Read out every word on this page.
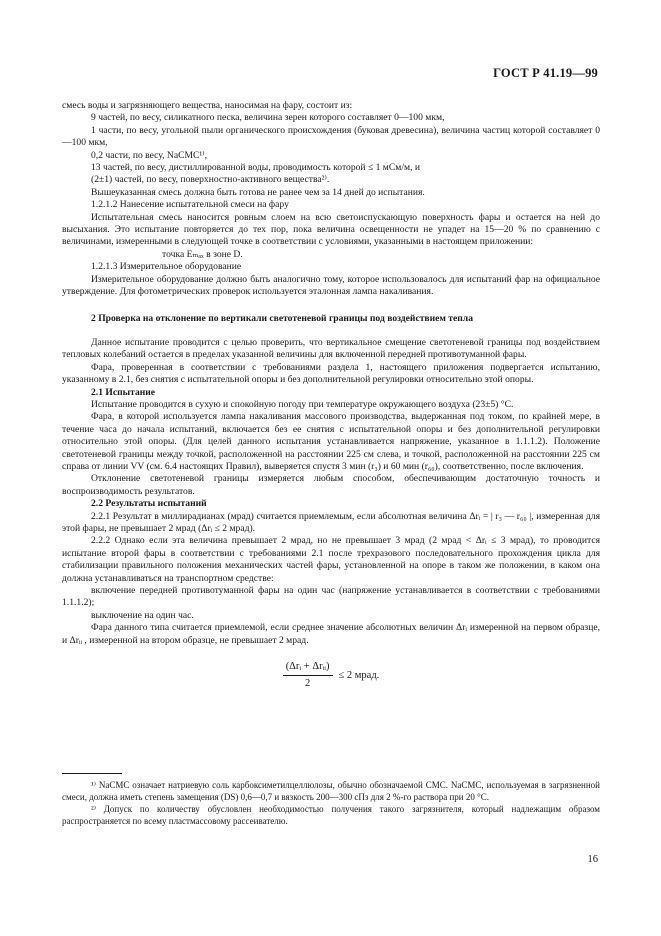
ГОСТ Р 41.19—99

смесь воды и загрязняющего вещества, наносимая на фару, состоит из:

9 частей, по весу, силикатного песка, величина зерен которого составляет 0—100 мкм,

1 части, по весу, угольной пыли органического происхождения (буковая древесина), величина частиц которой составляет 0—100 мкм,

0,2 части, по весу, NaCMC¹⁾,

13 частей, по весу, дистиллированной воды, проводимость которой ≤ 1 мСм/м, и

(2±1) частей, по весу, поверхностно-активного вещества²⁾.

Вышеуказанная смесь должна быть готова не ранее чем за 14 дней до испытания.

1.2.1.2 Нанесение испытательной смеси на фару

Испытательная смесь наносится ровным слоем на всю светоиспускающую поверхность фары и остается на ней до высыхания. Это испытание повторяется до тех пор, пока величина освещенности не упадет на 15—20 % по сравнению с величинами, измеренными в следующей точке в соответствии с условиями, указанными в настоящем приложении:

точка Eₘₐₓ в зоне D.

1.2.1.3 Измерительное оборудование

Измерительное оборудование должно быть аналогично тому, которое использовалось для испытаний фар на официальное утверждение. Для фотометрических проверок используется эталонная лампа накаливания.

2 Проверка на отклонение по вертикали светотеневой границы под воздействием тепла

Данное испытание проводится с целью проверить, что вертикальное смещение светотеневой границы под воздействием тепловых колебаний остается в пределах указанной величины для включенной передней противотуманной фары.

Фара, проверенная в соответствии с требованиями раздела 1, настоящего приложения подвергается испытанию, указанному в 2.1, без снятия с испытательной опоры и без дополнительной регулировки относительно этой опоры.

2.1 Испытание

Испытание проводится в сухую и спокойную погоду при температуре окружающего воздуха (23±5) °С.

Фара, в которой используется лампа накаливания массового производства, выдержанная под током, по крайней мере, в течение часа до начала испытаний, включается без ее снятия с испытательной опоры и без дополнительной регулировки относительно этой опоры. (Для целей данного испытания устанавливается напряжение, указанное в 1.1.1.2). Положение светотеневой границы между точкой, расположенной на расстоянии 225 см слева, и точкой, расположенной на расстоянии 225 см справа от линии VV (см. 6.4 настоящих Правил), выверяется спустя 3 мин (r₃) и 60 мин (r₆₀), соответственно, после включения.

Отклонение светотеневой границы измеряется любым способом, обеспечивающим достаточную точность и воспроизводимость результатов.

2.2 Результаты испытаний

2.2.1 Результат в миллирадианах (мрад) считается приемлемым, если абсолютная величина Δrᵢ = | r₃ — r₆₀ |, измеренная для этой фары, не превышает 2 мрад (Δrᵢ ≤ 2 мрад).

2.2.2 Однако если эта величина превышает 2 мрад, но не превышает 3 мрад (2 мрад < Δrᵢ ≤ 3 мрад), то проводится испытание второй фары в соответствии с требованиями 2.1 после трехразового последовательного прохождения цикла для стабилизации правильного положения механических частей фары, установленной на опоре в таком же положении, в каком она должна устанавливаться на транспортном средстве:

включение передней противотуманной фары на один час (напряжение устанавливается в соответствии с требованиями 1.1.1.2);

выключение на один час.

Фара данного типа считается приемлемой, если среднее значение абсолютных величин Δrᵢ измеренной на первом образце, и Δrᵢᵢ , измеренной на втором образце, не превышает 2 мрад.

$\frac{\text{(Δrᵢ + Δrᵢᵢ)}}{2} \le 2$ мрад.

¹⁾ NaCMC означает натриевую соль карбоксиметилцеллюлозы, обычно обозначаемой CMC. NaCMC, используемая в загрязненной смеси, должна иметь степень замещения (DS) 0,6—0,7 и вязкость 200—300 сПз для 2 %-го раствора при 20 °С.

²⁾ Допуск по количеству обусловлен необходимостью получения такого загрязнителя, который надлежащим образом распространяется по всему пластмассовому рассеивателю.

16
